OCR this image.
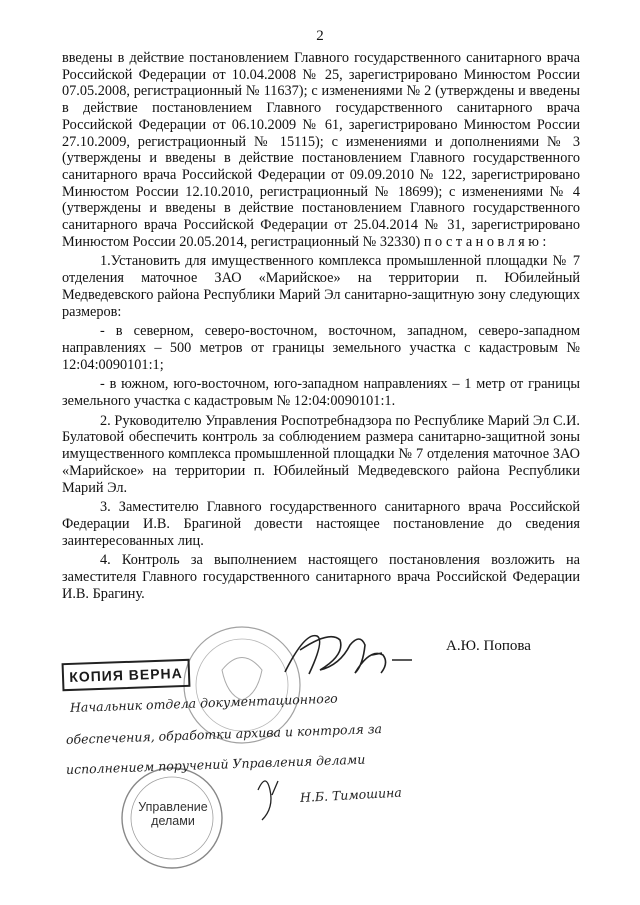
2

введены в действие постановлением Главного государственного санитарного врача Российской Федерации от 10.04.2008 № 25, зарегистрировано Минюстом России 07.05.2008, регистрационный № 11637); с изменениями № 2 (утверждены и введены в действие постановлением Главного государственного санитарного врача Российской Федерации от 06.10.2009 № 61, зарегистрировано Минюстом России 27.10.2009, регистрационный № 15115); с изменениями и дополнениями № 3 (утверждены и введены в действие постановлением Главного государственного санитарного врача Российской Федерации от 09.09.2010 № 122, зарегистрировано Минюстом России 12.10.2010, регистрационный № 18699); с изменениями № 4 (утверждены и введены в действие постановлением Главного государственного санитарного врача Российской Федерации от 25.04.2014 № 31, зарегистрировано Минюстом России 20.05.2014, регистрационный № 32330) постановляю:

1.Установить для имущественного комплекса промышленной площадки № 7 отделения маточное ЗАО «Марийское» на территории п. Юбилейный Медведевского района Республики Марий Эл санитарно-защитную зону следующих размеров:

- в северном, северо-восточном, восточном, западном, северо-западном направлениях – 500 метров от границы земельного участка с кадастровым № 12:04:0090101:1;

- в южном, юго-восточном, юго-западном направлениях – 1 метр от границы земельного участка с кадастровым № 12:04:0090101:1.

2. Руководителю Управления Роспотребнадзора по Республике Марий Эл С.И. Булатовой обеспечить контроль за соблюдением размера санитарно-защитной зоны имущественного комплекса промышленной площадки № 7 отделения маточное ЗАО «Марийское» на территории п. Юбилейный Медведевского района Республики Марий Эл.

3. Заместителю Главного государственного санитарного врача Российской Федерации И.В. Брагиной довести настоящее постановление до сведения заинтересованных лиц.

4. Контроль за выполнением настоящего постановления возложить на заместителя Главного государственного санитарного врача Российской Федерации И.В. Брагину.

А.Ю. Попова
КОПИЯ ВЕРНА
Управление
делами
Начальник отдела документационного
обеспечения, обработки архива и контроля за
исполнением поручений Управления делами
Н.Б. Тимошина
